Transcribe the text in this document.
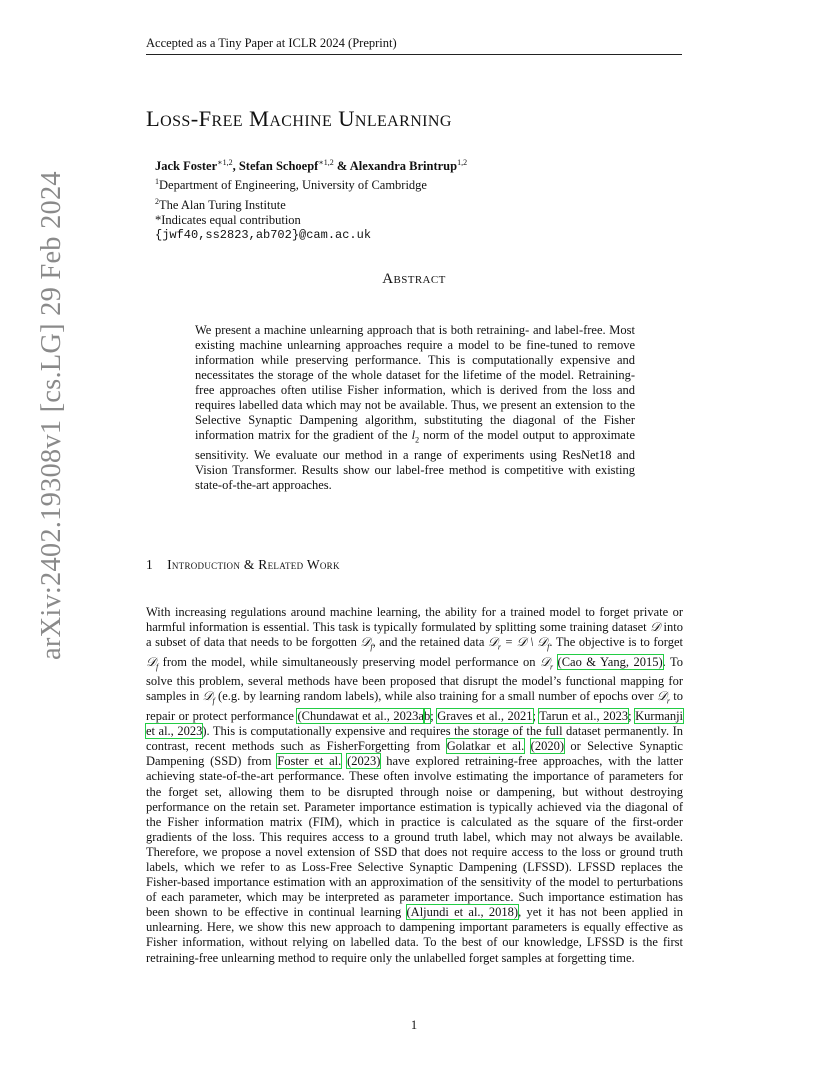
Accepted as a Tiny Paper at ICLR 2024 (Preprint)
arXiv:2402.19308v1 [cs.LG] 29 Feb 2024
Loss-Free Machine Unlearning
Jack Foster$^{∗1,2}$, Stefan Schoepf$^{∗1,2}$ & Alexandra Brintrup$^{1,2}$
$^1$Department of Engineering, University of Cambridge
$^2$The Alan Turing Institute
*Indicates equal contribution
{jwf40,ss2823,ab702}@cam.ac.uk
Abstract
We present a machine unlearning approach that is both retraining- and label-free. Most existing machine unlearning approaches require a model to be fine-tuned to remove information while preserving performance. This is computationally expensive and necessitates the storage of the whole dataset for the lifetime of the model. Retraining-free approaches often utilise Fisher information, which is derived from the loss and requires labelled data which may not be available. Thus, we present an extension to the Selective Synaptic Dampening algorithm, substituting the diagonal of the Fisher information matrix for the gradient of the $l_2$ norm of the model output to approximate sensitivity. We evaluate our method in a range of experiments using ResNet18 and Vision Transformer. Results show our label-free method is competitive with existing state-of-the-art approaches.
1 Introduction & Related Work
With increasing regulations around machine learning, the ability for a trained model to forget private or harmful information is essential. This task is typically formulated by splitting some training dataset 𝒟 into a subset of data that needs to be forgotten 𝒟$_f$, and the retained data 𝒟$_r$ = 𝒟 \ 𝒟$_f$. The objective is to forget 𝒟$_f$ from the model, while simultaneously preserving model performance on 𝒟$_r$ (Cao & Yang, 2015). To solve this problem, several methods have been proposed that disrupt the model’s functional mapping for samples in 𝒟$_f$ (e.g. by learning random labels), while also training for a small number of epochs over 𝒟$_r$ to repair or protect performance (Chundawat et al., 2023ab; Graves et al., 2021; Tarun et al., 2023; Kurmanji et al., 2023). This is computationally expensive and requires the storage of the full dataset permanently. In contrast, recent methods such as FisherForgetting from Golatkar et al. (2020) or Selective Synaptic Dampening (SSD) from Foster et al. (2023) have explored retraining-free approaches, with the latter achieving state-of-the-art performance. These often involve estimating the importance of parameters for the forget set, allowing them to be disrupted through noise or dampening, but without destroying performance on the retain set. Parameter importance estimation is typically achieved via the diagonal of the Fisher information matrix (FIM), which in practice is calculated as the square of the first-order gradients of the loss. This requires access to a ground truth label, which may not always be available. Therefore, we propose a novel extension of SSD that does not require access to the loss or ground truth labels, which we refer to as Loss-Free Selective Synaptic Dampening (LFSSD). LFSSD replaces the Fisher-based importance estimation with an approximation of the sensitivity of the model to perturbations of each parameter, which may be interpreted as parameter importance. Such importance estimation has been shown to be effective in continual learning (Aljundi et al., 2018), yet it has not been applied in unlearning. Here, we show this new approach to dampening important parameters is equally effective as Fisher information, without relying on labelled data. To the best of our knowledge, LFSSD is the first retraining-free unlearning method to require only the unlabelled forget samples at forgetting time.
1
